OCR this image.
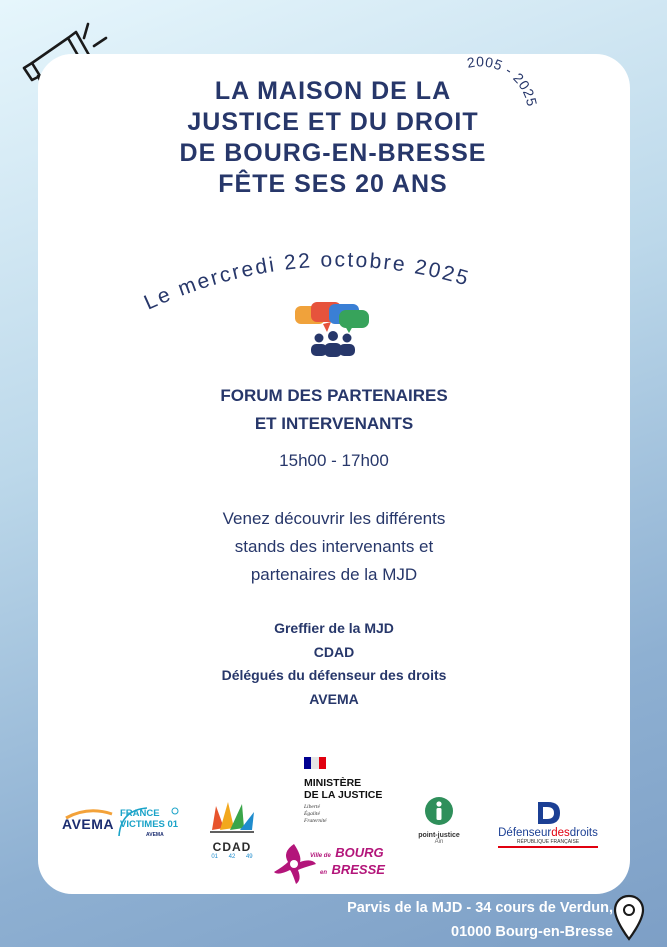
2005 - 2025
LA MAISON DE LA
JUSTICE ET DU DROIT
DE BOURG-EN-BRESSE
FÊTE SES 20 ANS
Le mercredi 22 octobre 2025
FORUM DES PARTENAIRES
ET INTERVENANTS
15h00 - 17h00
Venez découvrir les différents
stands des intervenants et
partenaires de la MJD
Greffier de la MJD
CDAD
Délégués du défenseur des droits
AVEMA
AVEMA
FRANCE
VICTIMES 01
AVEMA
CDAD
01 42 49
MINISTÈRE
DE LA JUSTICE
Liberté
Égalité
Fraternité
Ville de BOURG
en BRESSE
point-justice
Ain
Défenseurdesdroits
RÉPUBLIQUE FRANÇAISE
Parvis de la MJD - 34 cours de Verdun,
01000 Bourg-en-Bresse
